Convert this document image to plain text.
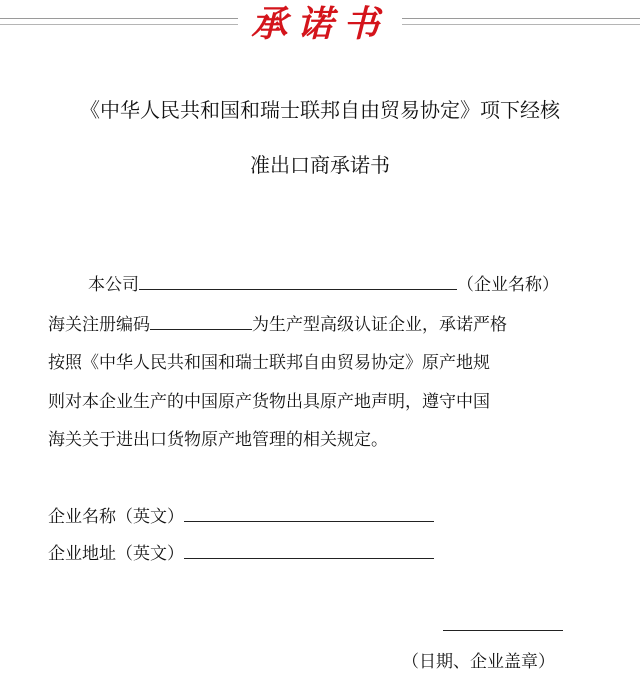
承诺书
《中华人民共和国和瑞士联邦自由贸易协定》项下经核
准出口商承诺书
本公司	（企业名称）
海关注册编码	为生产型高级认证企业，承诺严格
按照《中华人民共和国和瑞士联邦自由贸易协定》原产地规
则对本企业生产的中国原产货物出具原产地声明，遵守中国
海关关于进出口货物原产地管理的相关规定。
企业名称（英文）
企业地址（英文）
（日期、企业盖章）
